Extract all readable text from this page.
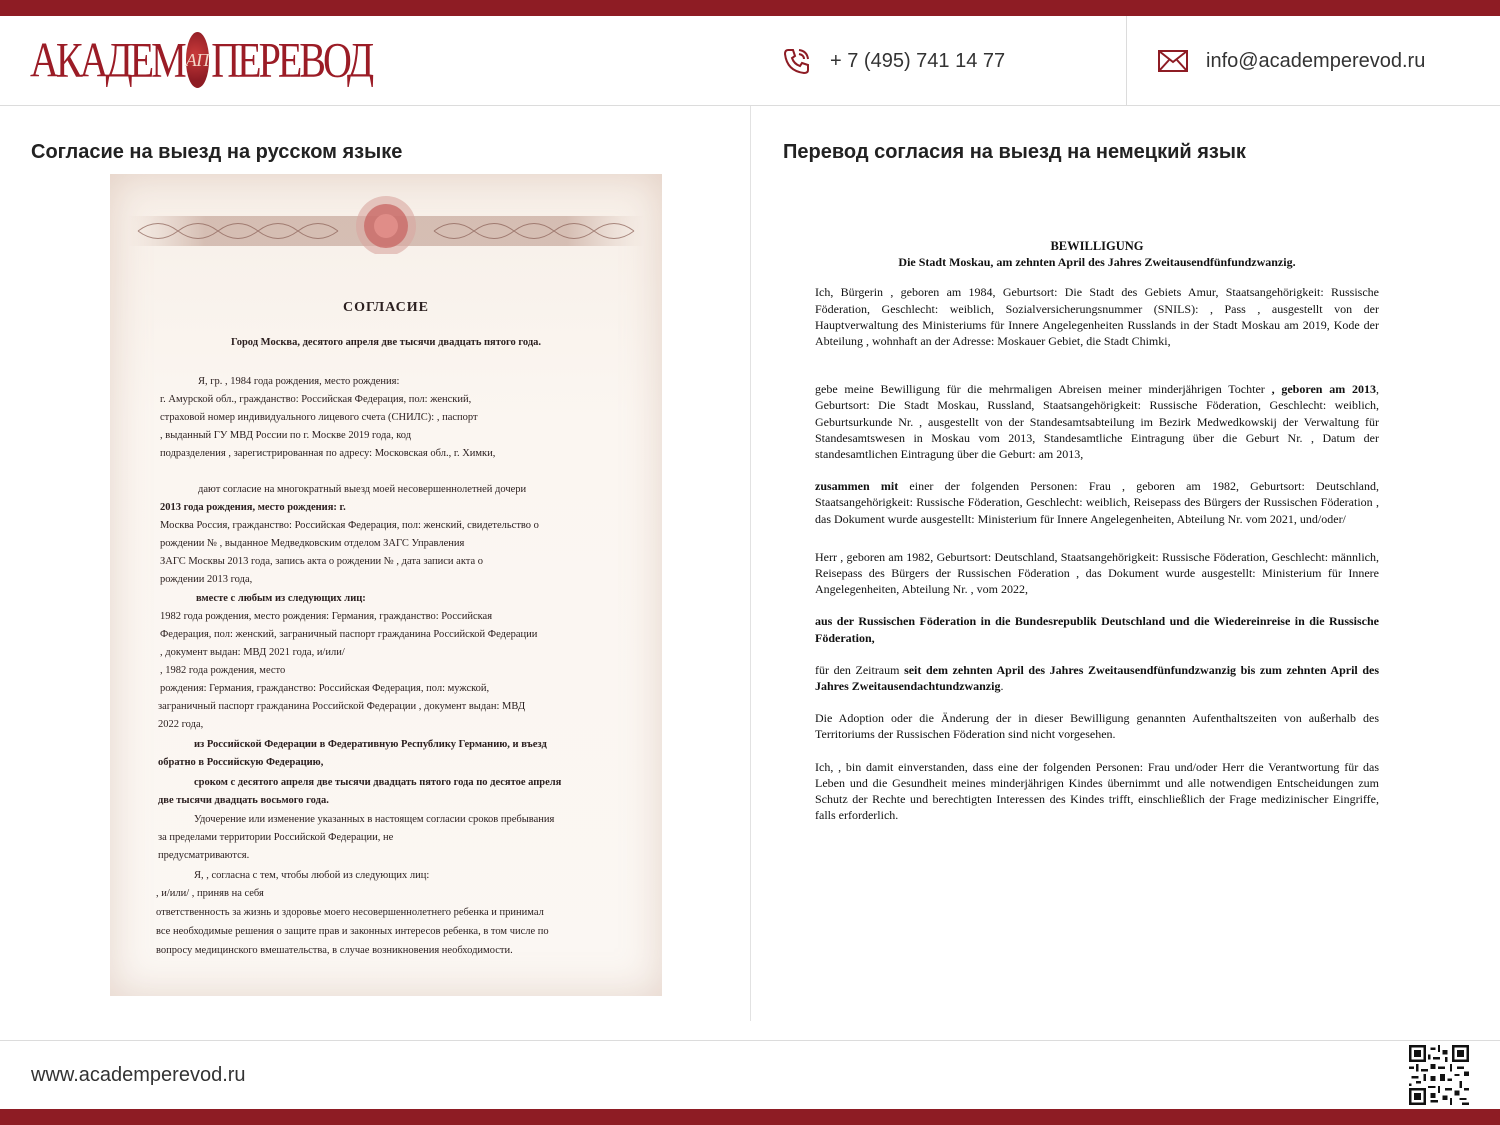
АКАДЕМ АП ПЕРЕВОД	+ 7 (495) 741 14 77	info@academperevod.ru
Согласие на выезд на русском языке	Перевод согласия на выезд на немецкий язык
СОГЛАСИЕ
Город Москва, десятого апреля две тысячи двадцать пятого года.
Я, гр. , 1984 года рождения, место рождения:
г. Амурской обл., гражданство: Российская Федерация, пол: женский,
страховой номер индивидуального лицевого счета (СНИЛС): , паспорт
, выданный ГУ МВД России по г. Москве 2019 года, код
подразделения , зарегистрированная по адресу: Московская обл., г. Химки,
дают согласие на многократный выезд моей несовершеннолетней дочери
2013 года рождения, место рождения: г.
Москва Россия, гражданство: Российская Федерация, пол: женский, свидетельство о
рождении № , выданное Медведковским отделом ЗАГС Управления
ЗАГС Москвы 2013 года, запись акта о рождении № , дата записи акта о
рождении 2013 года,
вместе с любым из следующих лиц:
1982 года рождения, место рождения: Германия, гражданство: Российская
Федерация, пол: женский, заграничный паспорт гражданина Российской Федерации
, документ выдан: МВД 2021 года, и/или/
, 1982 года рождения, место
рождения: Германия, гражданство: Российская Федерация, пол: мужской,
заграничный паспорт гражданина Российской Федерации , документ выдан: МВД
2022 года,
из Российской Федерации в Федеративную Республику Германию, и въезд
обратно в Российскую Федерацию,
сроком с десятого апреля две тысячи двадцать пятого года по десятое апреля
две тысячи двадцать восьмого года.
Удочерение или изменение указанных в настоящем согласии сроков пребывания
за пределами территории Российской Федерации, не
предусматриваются.
Я, , согласна с тем, чтобы любой из следующих лиц:
, и/или/ , приняв на себя
ответственность за жизнь и здоровье моего несовершеннолетнего ребенка и принимал
все необходимые решения о защите прав и законных интересов ребенка, в том числе по
вопросу медицинского вмешательства, в случае возникновения необходимости.
BEWILLIGUNG
Die Stadt Moskau, am zehnten April des Jahres Zweitausendfünfundzwanzig.

Ich, Bürgerin , geboren am 1984, Geburtsort: Die Stadt des Gebiets Amur, Staatsangehörigkeit: Russische Föderation, Geschlecht: weiblich, Sozialversicherungsnummer (SNILS): , Pass , ausgestellt von der Hauptverwaltung des Ministeriums für Innere Angelegenheiten Russlands in der Stadt Moskau am 2019, Kode der Abteilung , wohnhaft an der Adresse: Moskauer Gebiet, die Stadt Chimki,

gebe meine Bewilligung für die mehrmaligen Abreisen meiner minderjährigen Tochter , geboren am 2013, Geburtsort: Die Stadt Moskau, Russland, Staatsangehörigkeit: Russische Föderation, Geschlecht: weiblich, Geburtsurkunde Nr. , ausgestellt von der Standesamtsabteilung im Bezirk Medwedkowskij der Verwaltung für Standesamtswesen in Moskau vom 2013, Standesamtliche Eintragung über die Geburt Nr. , Datum der standesamtlichen Eintragung über die Geburt: am 2013,

zusammen mit einer der folgenden Personen: Frau , geboren am 1982, Geburtsort: Deutschland, Staatsangehörigkeit: Russische Föderation, Geschlecht: weiblich, Reisepass des Bürgers der Russischen Föderation , das Dokument wurde ausgestellt: Ministerium für Innere Angelegenheiten, Abteilung Nr. vom 2021, und/oder/

Herr , geboren am 1982, Geburtsort: Deutschland, Staatsangehörigkeit: Russische Föderation, Geschlecht: männlich, Reisepass des Bürgers der Russischen Föderation , das Dokument wurde ausgestellt: Ministerium für Innere Angelegenheiten, Abteilung Nr. , vom 2022,

aus der Russischen Föderation in die Bundesrepublik Deutschland und die Wiedereinreise in die Russische Föderation,

für den Zeitraum seit dem zehnten April des Jahres Zweitausendfünfundzwanzig bis zum zehnten April des Jahres Zweitausendachtundzwanzig.

Die Adoption oder die Änderung der in dieser Bewilligung genannten Aufenthaltszeiten von außerhalb des Territoriums der Russischen Föderation sind nicht vorgesehen.

Ich, , bin damit einverstanden, dass eine der folgenden Personen: Frau und/oder Herr die Verantwortung für das Leben und die Gesundheit meines minderjährigen Kindes übernimmt und alle notwendigen Entscheidungen zum Schutz der Rechte und berechtigten Interessen des Kindes trifft, einschließlich der Frage medizinischer Eingriffe, falls erforderlich.

www.academperevod.ru
